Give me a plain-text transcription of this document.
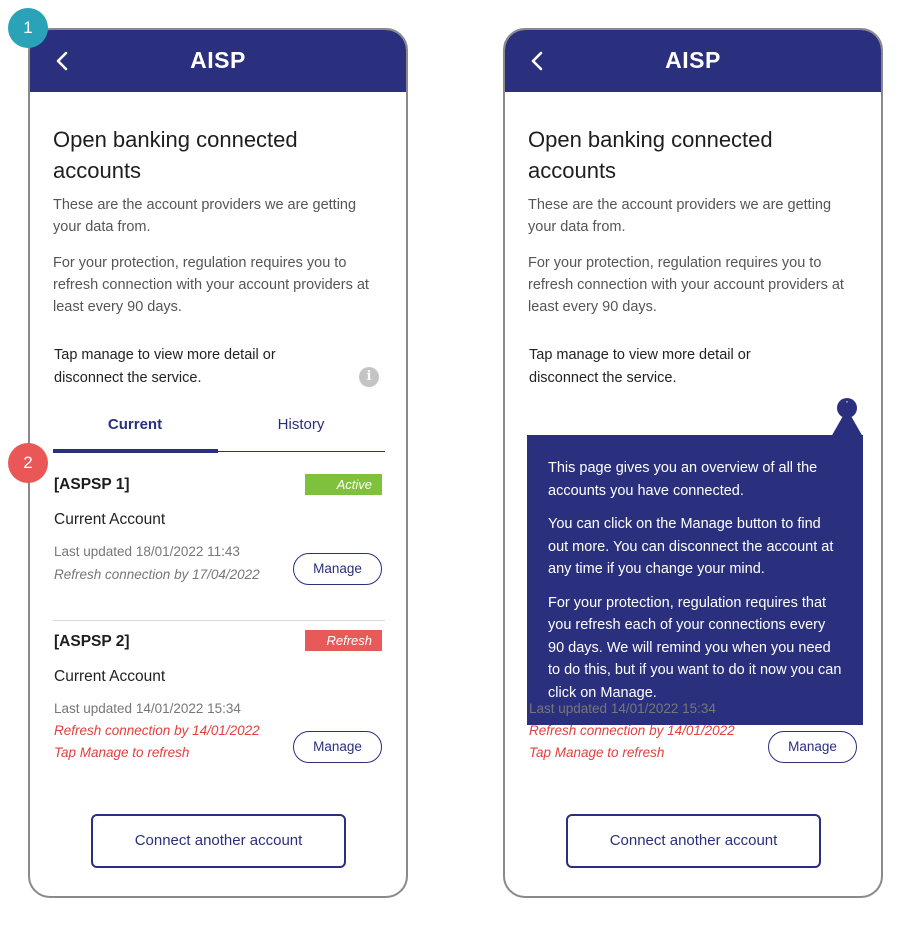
1
2
AISP
Open banking connected accounts
These are the account providers we are getting your data from.
For your protection, regulation requires you to refresh connection with your account providers at least every 90 days.
Tap manage to view more detail or disconnect the service.	i
Current	History
[ASPSP 1]	Active
Current Account
Last updated 18/01/2022 11:43
Refresh connection by 17/04/2022	Manage
[ASPSP 2]	Refresh
Current Account
Last updated 14/01/2022 15:34
Refresh connection by 14/01/2022
Tap Manage to refresh	Manage
Connect another account
AISP
Open banking connected accounts
These are the account providers we are getting your data from.
For your protection, regulation requires you to refresh connection with your account providers at least every 90 days.
Tap manage to view more detail or disconnect the service.
"

This page gives you an overview of all the accounts you have connected.

You can click on the Manage button to find out more. You can disconnect the account at any time if you change your mind.

For your protection, regulation requires that you refresh each of your connections every 90 days. We will remind you when you need to do this, but if you want to do it now you can click on Manage.

Last updated 14/01/2022 15:34
Refresh connection by 14/01/2022
Tap Manage to refresh	Manage
Connect another account
